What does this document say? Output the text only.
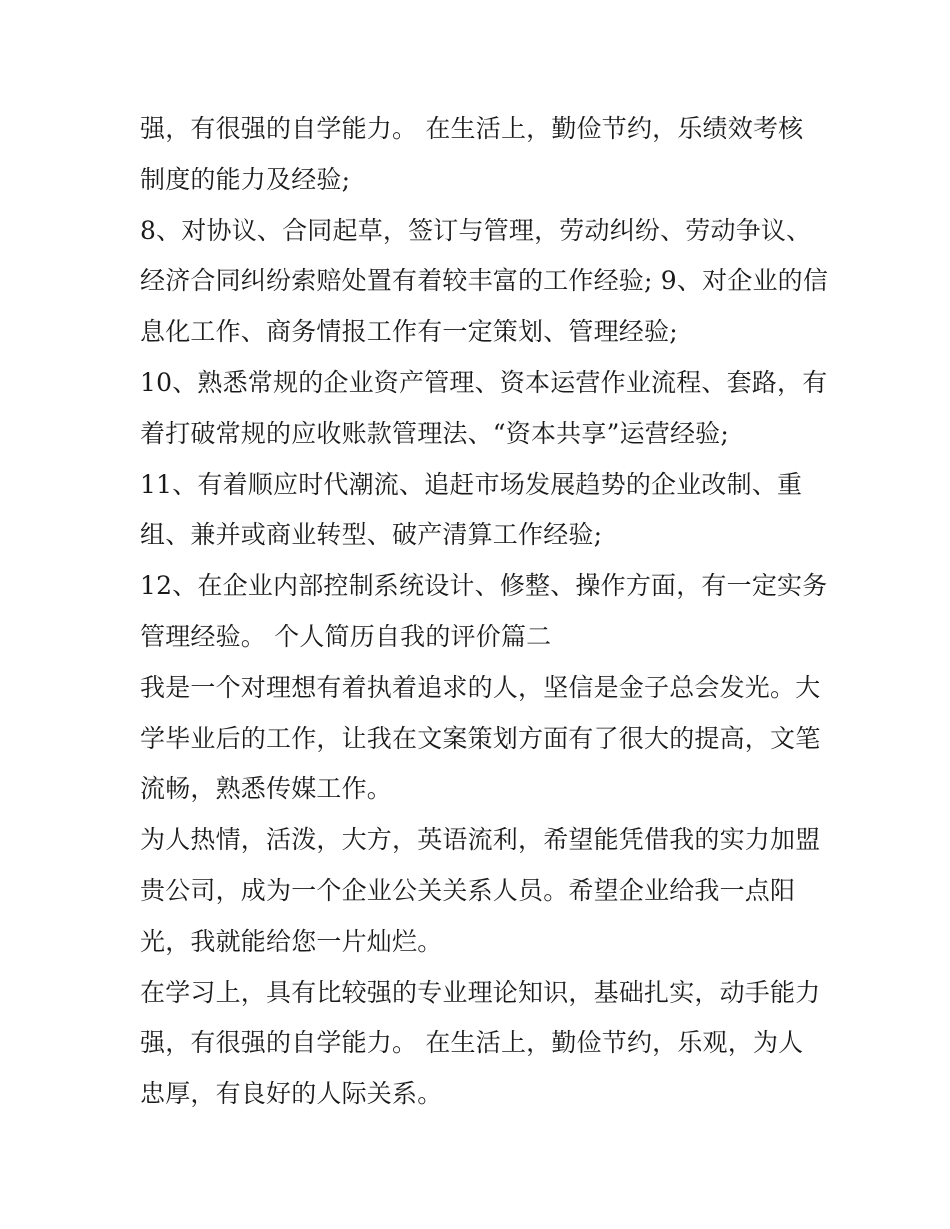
强，有很强的自学能力。 在生活上，勤俭节约，乐绩效考核
制度的能力及经验;
8、对协议、合同起草，签订与管理，劳动纠纷、劳动争议、
经济合同纠纷索赔处置有着较丰富的工作经验; 9、对企业的信
息化工作、商务情报工作有一定策划、管理经验;
10、熟悉常规的企业资产管理、资本运营作业流程、套路，有
着打破常规的应收账款管理法、“资本共享”运营经验;
11、有着顺应时代潮流、追赶市场发展趋势的企业改制、重
组、兼并或商业转型、破产清算工作经验;
12、在企业内部控制系统设计、修整、操作方面，有一定实务
管理经验。 个人简历自我的评价篇二
我是一个对理想有着执着追求的人，坚信是金子总会发光。大
学毕业后的工作，让我在文案策划方面有了很大的提高，文笔
流畅，熟悉传媒工作。
为人热情，活泼，大方，英语流利，希望能凭借我的实力加盟
贵公司，成为一个企业公关关系人员。希望企业给我一点阳
光，我就能给您一片灿烂。
在学习上，具有比较强的专业理论知识，基础扎实，动手能力
强，有很强的自学能力。 在生活上，勤俭节约，乐观，为人
忠厚，有良好的人际关系。
